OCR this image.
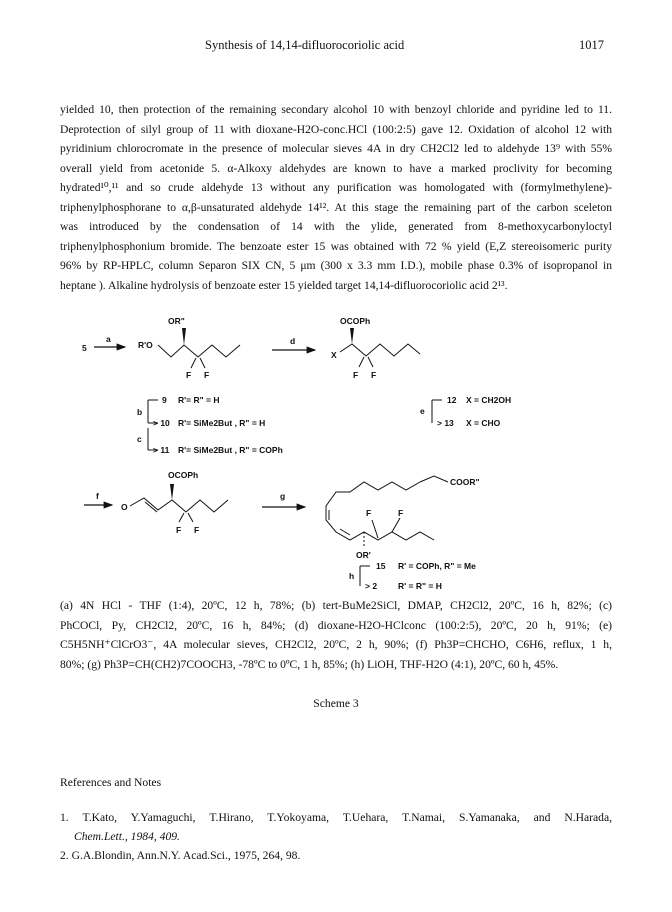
Synthesis of 14,14-difluorocoriolic acid	1017
yielded 10, then protection of the remaining secondary alcohol 10 with benzoyl chloride and pyridine led to 11.
Deprotection of silyl group of 11 with dioxane-H2O-conc.HCl (100:2:5) gave 12. Oxidation of alcohol 12 with
pyridinium chlorocromate in the presence of molecular sieves 4A in dry CH2Cl2 led to aldehyde 13⁹ with 55%
overall yield from acetonide 5. α-Alkoxy aldehydes are known to have a marked proclivity for becoming
hydrated¹⁰,¹¹ and so crude aldehyde 13 without any purification was homologated with (formylmethylene)-
triphenylphosphorane to α,β-unsaturated aldehyde 14¹². At this stage the remaining part of the carbon sceleton
was introduced by the condensation of 14 with the ylide, generated from 8-methoxycarbonyloctyl
triphenylphosphonium bromide. The benzoate ester 15 was obtained with 72 % yield (E,Z stereoisomeric purity
96% by RP-HPLC, column Separon SIX CN, 5 μm (300 x 3.3 mm I.D.), mobile phase 0.3% of isopropanol in
heptane ). Alkaline hydrolysis of benzoate ester 15 yielded target 14,14-difluorocoriolic acid 2¹³.
5
a
R'O
OR"
F F
d
X
OCOPh
F F
b
9 R'= R" = H
> 10 R'= SiMe2But , R" = H
c
> 11 R'= SiMe2But , R" = COPh
e
12 X = CH2OH
> 13 X = CHO
f
OCOPh
O
F F
g
COOR"
OR'
F	F
h
15 R' = COPh, R" = Me
> 2 R' = R" = H
(a) 4N HCl - THF (1:4), 20ºC, 12 h, 78%; (b) tert-BuMe2SiCl, DMAP, CH2Cl2, 20ºC, 16 h, 82%; (c)
PhCOCl, Py, CH2Cl2, 20ºC, 16 h, 84%; (d) dioxane-H2O-HClconc (100:2:5), 20ºC, 20 h, 91%; (e)
C5H5NH⁺ClCrO3⁻, 4A molecular sieves, CH2Cl2, 20ºC, 2 h, 90%; (f) Ph3P=CHCHO, C6H6, reflux, 1 h,
80%; (g) Ph3P=CH(CH2)7COOCH3, -78ºC to 0ºC, 1 h, 85%; (h) LiOH, THF-H2O (4:1), 20ºC, 60 h, 45%.
Scheme 3
References and Notes
1. T.Kato, Y.Yamaguchi, T.Hirano, T.Yokoyama, T.Uehara, T.Namai, S.Yamanaka, and N.Harada,
Chem.Lett., 1984, 409.
2. G.A.Blondin, Ann.N.Y. Acad.Sci., 1975, 264, 98.
